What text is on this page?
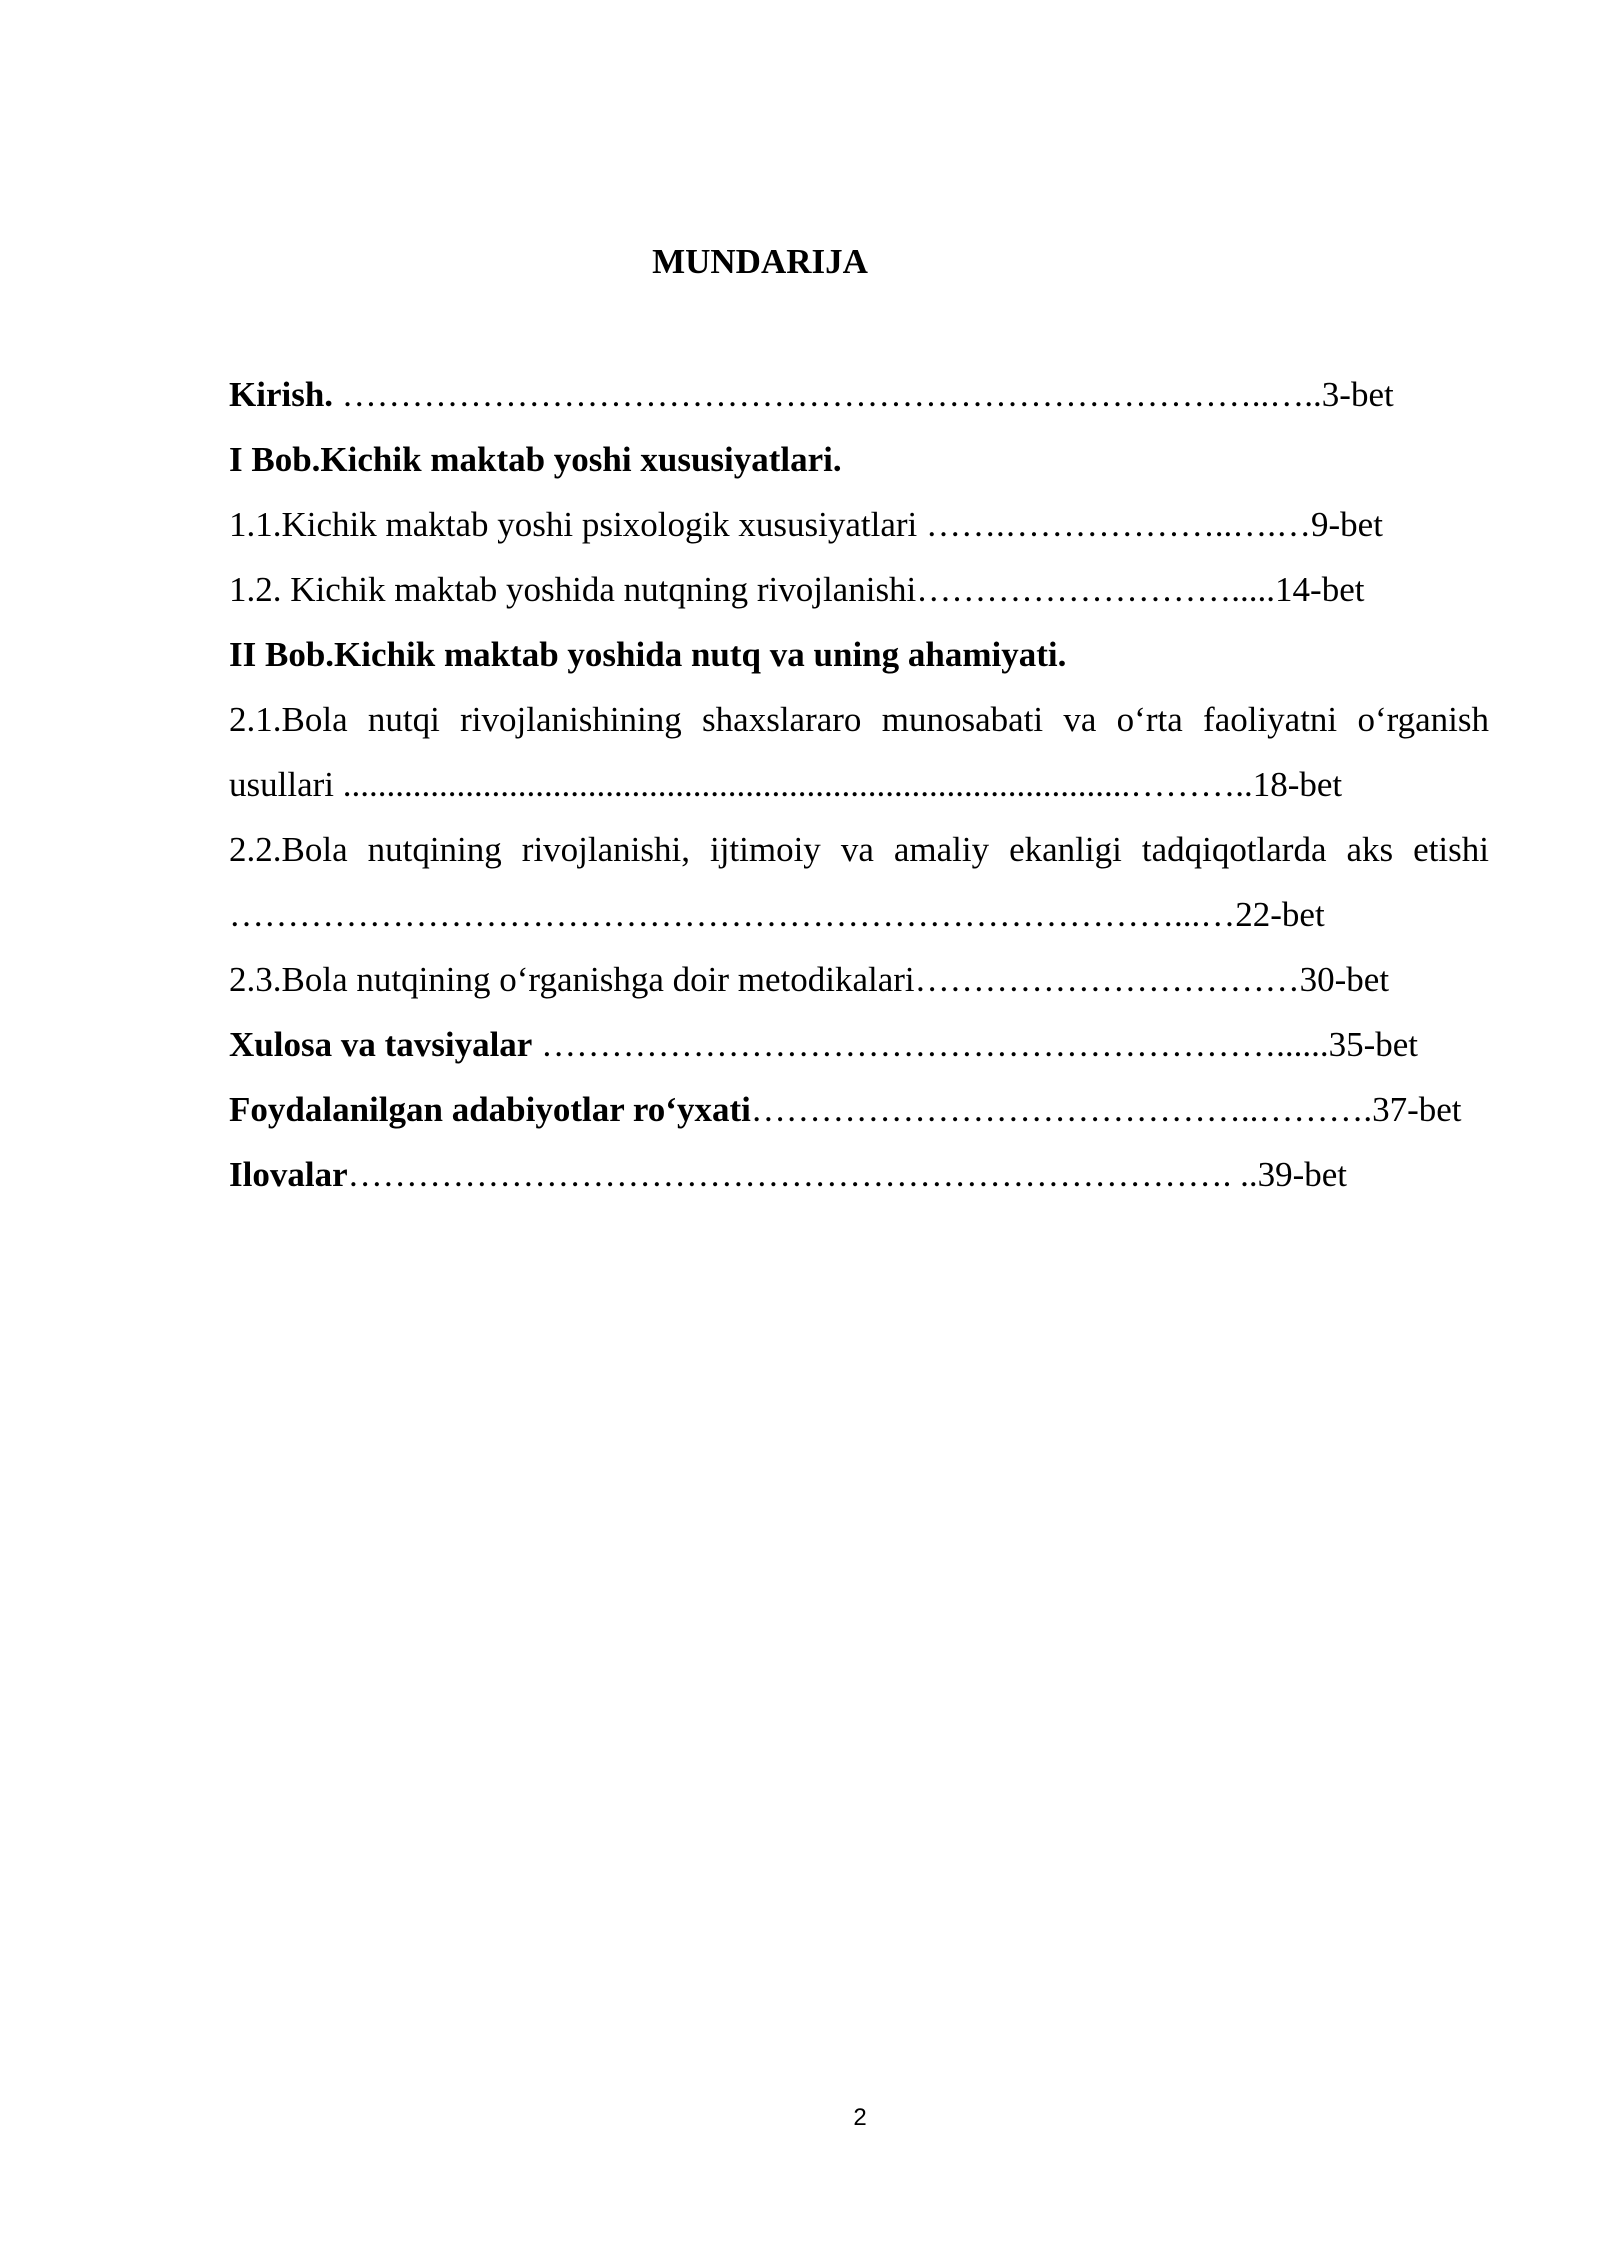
MUNDARIJA
Kirish. ……………………………………………………………………..…..3-bet
I Bob.Kichik maktab yoshi xususiyatlari.
1.1.Kichik maktab yoshi psixologik xususiyatlari …….………………..….…9-bet
1.2. Kichik maktab yoshida nutqning rivojlanishi……………………….....14-bet
II Bob.Kichik maktab yoshida nutq va uning ahamiyati.
2.1.Bola nutqi rivojlanishining shaxslararo munosabati va o‘rta faoliyatni o‘rganish
usullari ..........................................................................................………..18-bet
2.2.Bola nutqining rivojlanishi, ijtimoiy va amaliy ekanligi tadqiqotlarda aks etishi
………………………………………………………………………...…22-bet
2.3.Bola nutqining o‘rganishga doir metodikalari……………………………30-bet
Xulosa va tavsiyalar ………………………………………………………......35-bet
Foydalanilgan adabiyotlar ro‘yxati……………………………………..……….37-bet
Ilovalar…………………………………………………………………. ..39-bet
2
